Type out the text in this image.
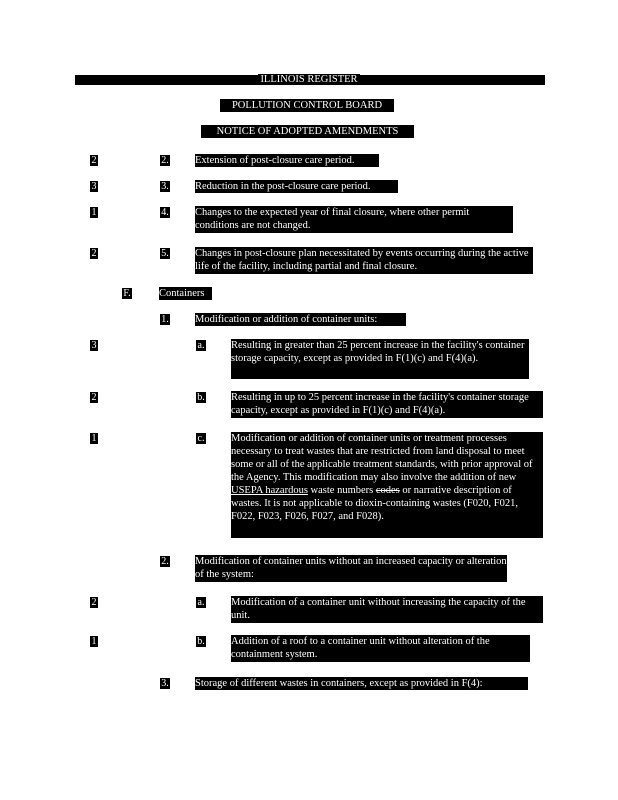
ILLINOIS REGISTER
POLLUTION CONTROL BOARD
NOTICE OF ADOPTED AMENDMENTS
2	2.	Extension of post-closure care period.
3	3.	Reduction in the post-closure care period.
1	4.	Changes to the expected year of final closure, where other permit conditions are not changed.
2	5.	Changes in post-closure plan necessitated by events occurring during the active life of the facility, including partial and final closure.
F.	Containers
1.	Modification or addition of container units:
3	a.	Resulting in greater than 25 percent increase in the facility's container storage capacity, except as provided in F(1)(c) and F(4)(a).
2	b.	Resulting in up to 25 percent increase in the facility's container storage capacity, except as provided in F(1)(c) and F(4)(a).
1	c.	Modification or addition of container units or treatment processes necessary to treat wastes that are restricted from land disposal to meet some or all of the applicable treatment standards, with prior approval of the Agency. This modification may also involve the addition of new USEPA hazardous waste numbers codes or narrative description of wastes. It is not applicable to dioxin-containing wastes (F020, F021, F022, F023, F026, F027, and F028).
2.	Modification of container units without an increased capacity or alteration of the system:
2	a.	Modification of a container unit without increasing the capacity of the unit.
1	b.	Addition of a roof to a container unit without alteration of the containment system.
3.	Storage of different wastes in containers, except as provided in F(4):
